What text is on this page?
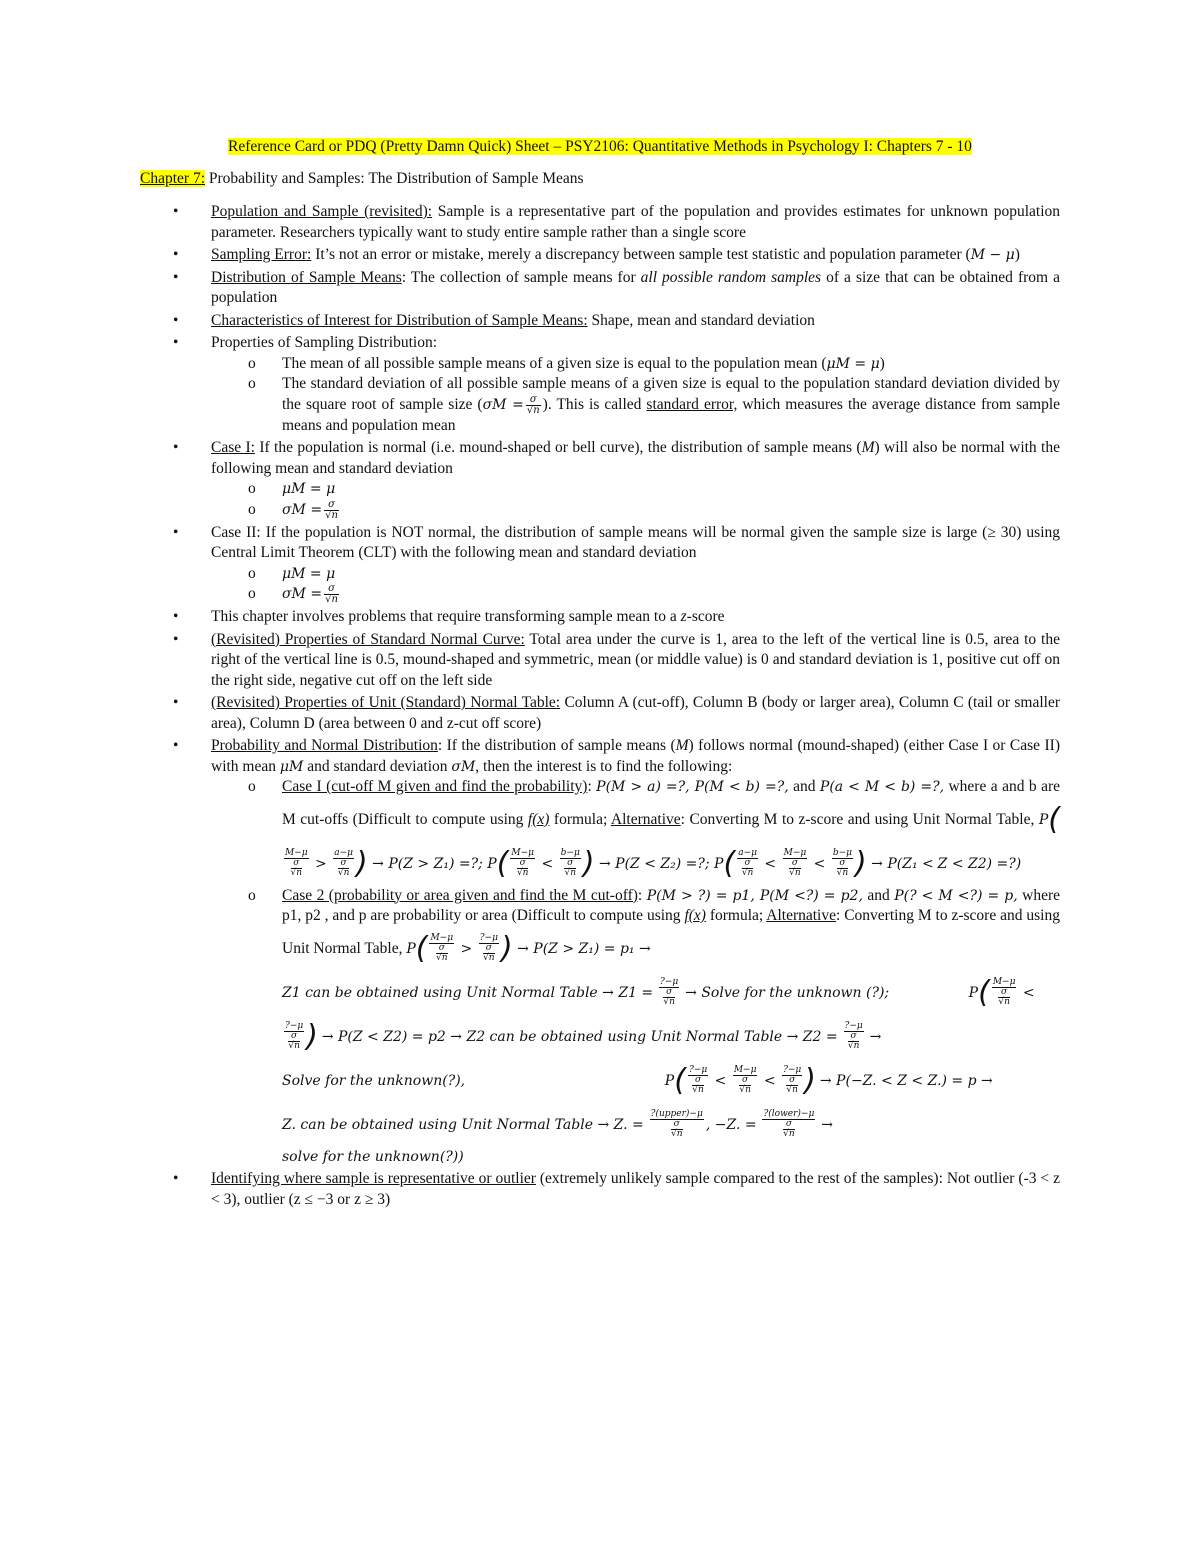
Reference Card or PDQ (Pretty Damn Quick) Sheet – PSY2106: Quantitative Methods in Psychology I: Chapters 7 - 10
Chapter 7: Probability and Samples: The Distribution of Sample Means
• Population and Sample (revisited): Sample is a representative part of the population and provides estimates for unknown population parameter. Researchers typically want to study entire sample rather than a single score
• Sampling Error: It’s not an error or mistake, merely a discrepancy between sample test statistic and population parameter (M − μ)
• Distribution of Sample Means: The collection of sample means for all possible random samples of a size that can be obtained from a population
• Characteristics of Interest for Distribution of Sample Means: Shape, mean and standard deviation
• Properties of Sampling Distribution:
o The mean of all possible sample means of a given size is equal to the population mean (μM = μ)
o The standard deviation of all possible sample means of a given size is equal to the population standard deviation divided by the square root of sample size ($\sigma M = \frac{\sigma}{√n}$ ). This is called standard error, which measures the average distance from sample means and population mean
• Case I: If the population is normal (i.e. mound-shaped or bell curve), the distribution of sample means (M) will also be normal with the following mean and standard deviation
o μM = μ
o $\sigma M = \frac{\sigma}{√n}$
• Case II: If the population is NOT normal, the distribution of sample means will be normal given the sample size is large (≥ 30) using Central Limit Theorem (CLT) with the following mean and standard deviation
o μM = μ
o $\sigma M = \frac{\sigma}{√n}$
• This chapter involves problems that require transforming sample mean to a z-score
• (Revisited) Properties of Standard Normal Curve: Total area under the curve is 1, area to the left of the vertical line is 0.5, area to the right of the vertical line is 0.5, mound-shaped and symmetric, mean (or middle value) is 0 and standard deviation is 1, positive cut off on the right side, negative cut off on the left side
• (Revisited) Properties of Unit (Standard) Normal Table: Column A (cut-off), Column B (body or larger area), Column C (tail or smaller area), Column D (area between 0 and z-cut off score)
• Probability and Normal Distribution: If the distribution of sample means (M) follows normal (mound-shaped) (either Case I or Case II) with mean μM and standard deviation σM, then the interest is to find the following:
o Case I (cut-off M given and find the probability): P(M > a) =?, P(M < b) =?, and P(a < M < b) =?, where a and b are M cut-offs (Difficult to compute using f(x) formula; Alternative: Converting M to z-score and using Unit Normal Table, P(
$\frac{M-\mu}{\frac{\sigma}{√n}} > \frac{a-\mu}{\frac{\sigma}{√n}}$ ) → P(Z > Z₁) =?; $P( \frac{M-\mu}{\frac{\sigma}{√n}} < \frac{b-\mu}{\frac{\sigma}{√n}}$ ) → P(Z < Z₂) =?; $P( \frac{a-\mu}{\frac{\sigma}{√n}} < \frac{M-\mu}{\frac{\sigma}{√n}} < \frac{b-\mu}{\frac{\sigma}{√n}}$ ) → P(Z₁ < Z < Z2) =?)
o Case 2 (probability or area given and find the M cut-off): P(M > ?) = p1, P(M <?) = p2, and P(? < M <?) = p, where p1, p2 , and p are probability or area (Difficult to compute using f(x) formula; Alternative: Converting M to z-score and using Unit Normal Table, $P( \frac{M-\mu}{\frac{\sigma}{√n}} > \frac{?-\mu}{\frac{\sigma}{√n}}$ ) → P(Z > Z₁) = p₁ →
Z1 can be obtained using Unit Normal Table → $Z1 = \frac{?-\mu}{\frac{\sigma}{√n}}$ → Solve for the unknown (?);                  $P( \frac{M-\mu}{\frac{\sigma}{√n}}$ <

$\frac{?-\mu}{\frac{\sigma}{√n}}$ ) → P(Z < Z2) = p2 → Z2 can be obtained using Unit Normal Table → $Z2 = \frac{?-\mu}{\frac{\sigma}{√n}}$ →
Solve for the unknown(?),                                             $P( \frac{?-\mu}{\frac{\sigma}{√n}} < \frac{M-\mu}{\frac{\sigma}{√n}} < \frac{?-\mu}{\frac{\sigma}{√n}}$ ) → P(−Z. < Z < Z.) = p →
Z. can be obtained using Unit Normal Table → Z. = $\frac{\text{?(upper)−μ}}{\frac{\sigma}{√n}}$ , −Z. = $\frac{\text{?(lower)−μ}}{\frac{\sigma}{√n}}$ →
solve for the unknown(?))
• Identifying where sample is representative or outlier (extremely unlikely sample compared to the rest of the samples): Not outlier (-3 < z < 3), outlier (z ≤ −3 or z ≥ 3)
